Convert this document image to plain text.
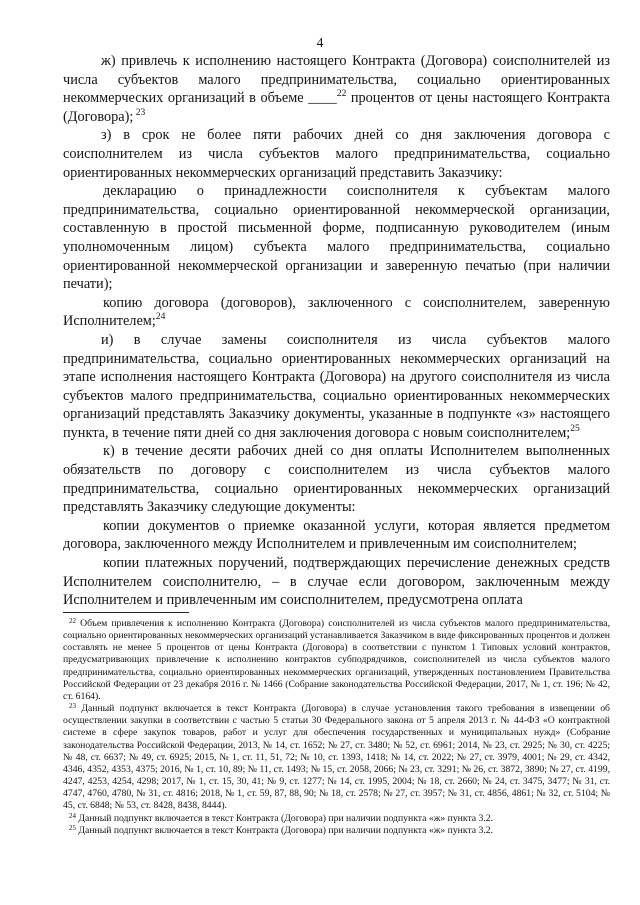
4

ж) привлечь к исполнению настоящего Контракта (Договора) соисполнителей из числа субъектов малого предпринимательства, социально ориентированных некоммерческих организаций в объеме ____$^{22}$ процентов от цены настоящего Контракта (Договора); $^{23}$

з) в срок не более пяти рабочих дней со дня заключения договора с соисполнителем из числа субъектов малого предпринимательства, социально ориентированных некоммерческих организаций представить Заказчику:

декларацию о принадлежности соисполнителя к субъектам малого предпринимательства, социально ориентированной некоммерческой организации, составленную в простой письменной форме, подписанную руководителем (иным уполномоченным лицом) субъекта малого предпринимательства, социально ориентированной некоммерческой организации и заверенную печатью (при наличии печати);

копию договора (договоров), заключенного с соисполнителем, заверенную Исполнителем;$^{24}$

и) в случае замены соисполнителя из числа субъектов малого предпринимательства, социально ориентированных некоммерческих организаций на этапе исполнения настоящего Контракта (Договора) на другого соисполнителя из числа субъектов малого предпринимательства, социально ориентированных некоммерческих организаций представлять Заказчику документы, указанные в подпункте «з» настоящего пункта, в течение пяти дней со дня заключения договора с новым соисполнителем;$^{25}$

к) в течение десяти рабочих дней со дня оплаты Исполнителем выполненных обязательств по договору с соисполнителем из числа субъектов малого предпринимательства, социально ориентированных некоммерческих организаций представлять Заказчику следующие документы:

копии документов о приемке оказанной услуги, которая является предметом договора, заключенного между Исполнителем и привлеченным им соисполнителем;

копии платежных поручений, подтверждающих перечисление денежных средств Исполнителем соисполнителю, – в случае если договором, заключенным между Исполнителем и привлеченным им соисполнителем, предусмотрена оплата

$^{22}$ Объем привлечения к исполнению Контракта (Договора) соисполнителей из числа субъектов малого предпринимательства, социально ориентированных некоммерческих организаций устанавливается Заказчиком в виде фиксированных процентов и должен составлять не менее 5 процентов от цены Контракта (Договора) в соответствии с пунктом 1 Типовых условий контрактов, предусматривающих привлечение к исполнению контрактов субподрядчиков, соисполнителей из числа субъектов малого предпринимательства, социально ориентированных некоммерческих организаций, утвержденных постановлением Правительства Российской Федерации от 23 декабря 2016 г. № 1466 (Собрание законодательства Российской Федерации, 2017, № 1, ст. 196; № 42, ст. 6164).

$^{23}$ Данный подпункт включается в текст Контракта (Договора) в случае установления такого требования в извещении об осуществлении закупки в соответствии с частью 5 статьи 30 Федерального закона от 5 апреля 2013 г. № 44-ФЗ «О контрактной системе в сфере закупок товаров, работ и услуг для обеспечения государственных и муниципальных нужд» (Собрание законодательства Российской Федерации, 2013, № 14, ст. 1652; № 27, ст. 3480; № 52, ст. 6961; 2014, № 23, ст. 2925; № 30, ст. 4225; № 48, ст. 6637; № 49, ст. 6925; 2015, № 1, ст. 11, 51, 72; № 10, ст. 1393, 1418; № 14, ст. 2022; № 27, ст. 3979, 4001; № 29, ст. 4342, 4346, 4352, 4353, 4375; 2016, № 1, ст. 10, 89; № 11, ст. 1493; № 15, ст. 2058, 2066; № 23, ст. 3291; № 26, ст. 3872, 3890; № 27, ст. 4199, 4247, 4253, 4254, 4298; 2017, № 1, ст. 15, 30, 41; № 9, ст. 1277; № 14, ст. 1995, 2004; № 18, ст. 2660; № 24, ст. 3475, 3477; № 31, ст. 4747, 4760, 4780, № 31, ст. 4816; 2018, № 1, ст. 59, 87, 88, 90; № 18, ст. 2578; № 27, ст. 3957; № 31, ст. 4856, 4861; № 32, ст. 5104; № 45, ст. 6848; № 53, ст. 8428, 8438, 8444).

$^{24}$ Данный подпункт включается в текст Контракта (Договора) при наличии подпункта «ж» пункта 3.2.

$^{25}$ Данный подпункт включается в текст Контракта (Договора) при наличии подпункта «ж» пункта 3.2.
